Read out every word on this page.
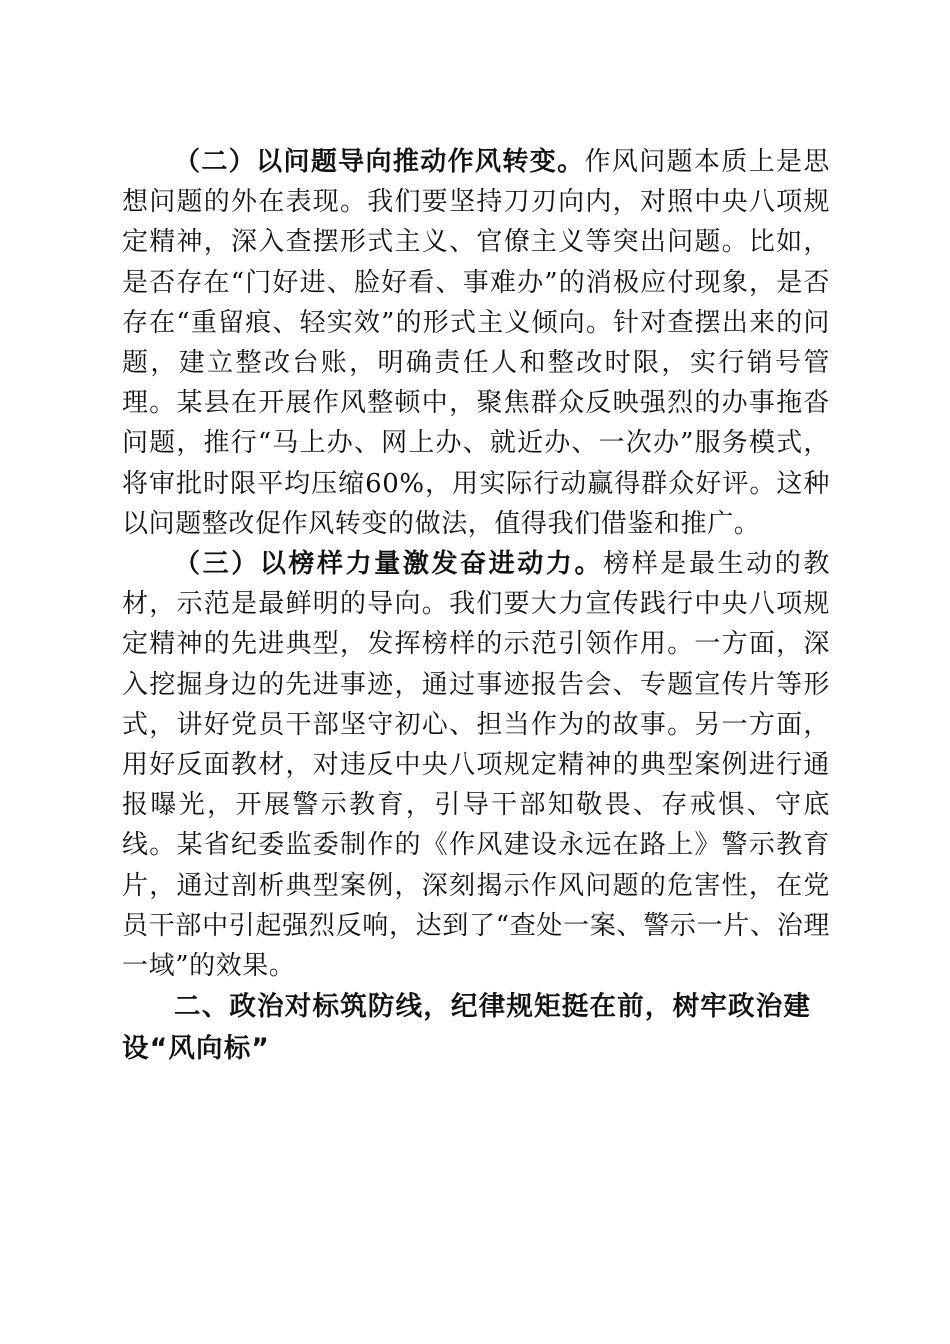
（二）以问题导向推动作风转变。作风问题本质上是思想问题的外在表现。我们要坚持刀刃向内，对照中央八项规定精神，深入查摆形式主义、官僚主义等突出问题。比如，是否存在“门好进、脸好看、事难办”的消极应付现象，是否存在“重留痕、轻实效”的形式主义倾向。针对查摆出来的问题，建立整改台账，明确责任人和整改时限，实行销号管理。某县在开展作风整顿中，聚焦群众反映强烈的办事拖沓问题，推行“马上办、网上办、就近办、一次办”服务模式，将审批时限平均压缩60%，用实际行动赢得群众好评。这种以问题整改促作风转变的做法，值得我们借鉴和推广。

（三）以榜样力量激发奋进动力。榜样是最生动的教材，示范是最鲜明的导向。我们要大力宣传践行中央八项规定精神的先进典型，发挥榜样的示范引领作用。一方面，深入挖掘身边的先进事迹，通过事迹报告会、专题宣传片等形式，讲好党员干部坚守初心、担当作为的故事。另一方面，用好反面教材，对违反中央八项规定精神的典型案例进行通报曝光，开展警示教育，引导干部知敬畏、存戒惧、守底线。某省纪委监委制作的《作风建设永远在路上》警示教育片，通过剖析典型案例，深刻揭示作风问题的危害性，在党员干部中引起强烈反响，达到了“查处一案、警示一片、治理一域”的效果。

二、政治对标筑防线，纪律规矩挺在前，树牢政治建设“风向标”
